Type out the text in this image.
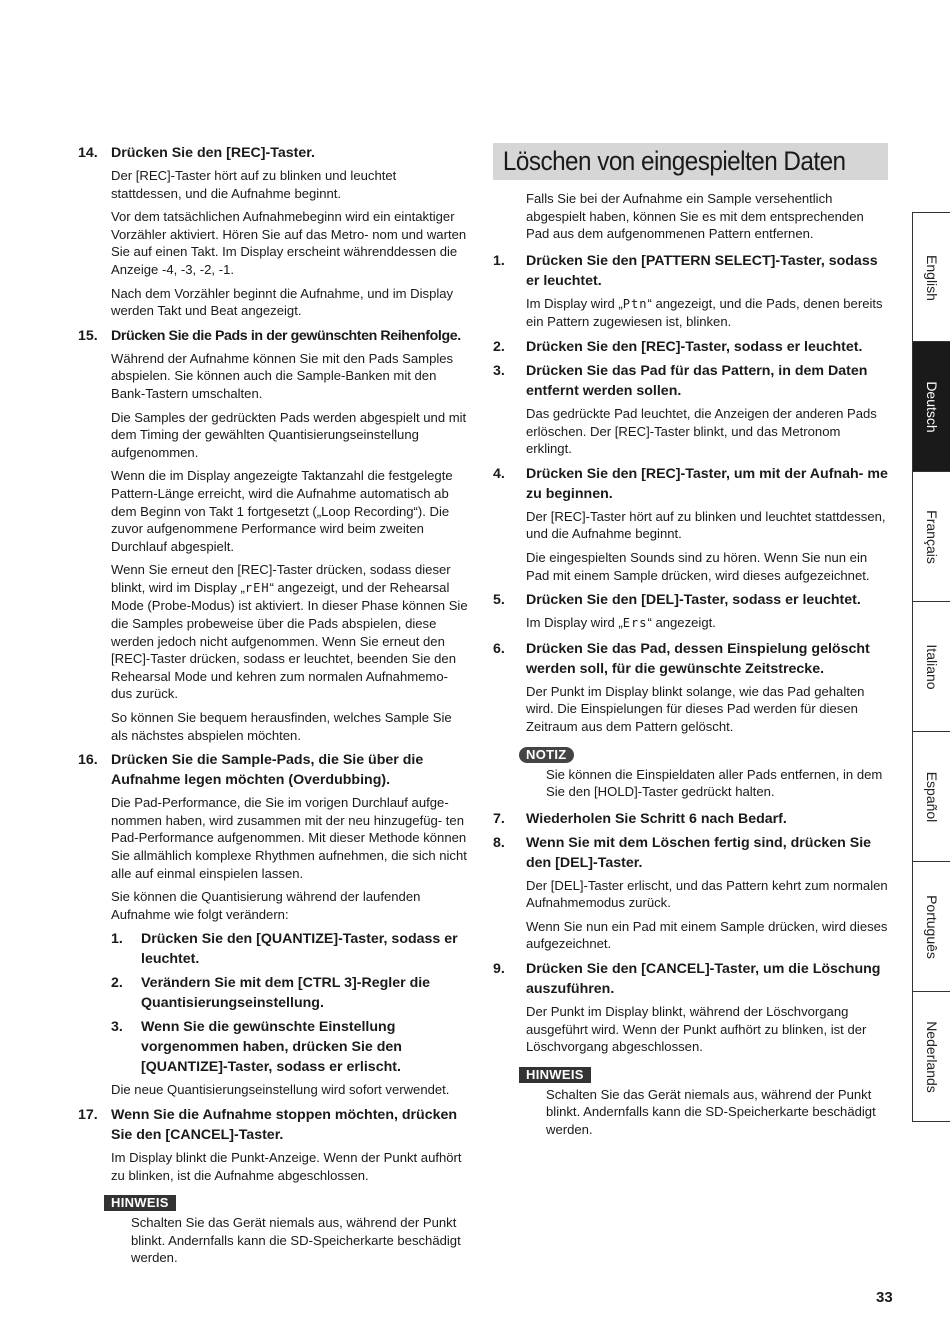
14. Drücken Sie den [REC]-Taster.

Der [REC]-Taster hört auf zu blinken und leuchtet stattdessen, und die Aufnahme beginnt.

Vor dem tatsächlichen Aufnahmebeginn wird ein eintaktiger Vorzähler aktiviert. Hören Sie auf das Metro- nom und warten Sie auf einen Takt. Im Display erscheint währenddessen die Anzeige -4, -3, -2, -1.

Nach dem Vorzähler beginnt die Aufnahme, und im Display werden Takt und Beat angezeigt.

15. Drücken Sie die Pads in der gewünschten Reihenfolge.

Während der Aufnahme können Sie mit den Pads Samples abspielen. Sie können auch die Sample-Banken mit den Bank-Tastern umschalten.

Die Samples der gedrückten Pads werden abgespielt und mit dem Timing der gewählten Quantisierungseinstellung aufgenommen.

Wenn die im Display angezeigte Taktanzahl die festgelegte Pattern-Länge erreicht, wird die Aufnahme automatisch ab dem Beginn von Takt 1 fortgesetzt („Loop Recording“). Die zuvor aufgenommene Performance wird beim zweiten Durchlauf abgespielt.

Wenn Sie erneut den [REC]-Taster drücken, sodass dieser blinkt, wird im Display „rEH“ angezeigt, und der Rehearsal Mode (Probe-Modus) ist aktiviert. In dieser Phase können Sie die Samples probeweise über die Pads abspielen, diese werden jedoch nicht aufgenommen. Wenn Sie erneut den [REC]-Taster drücken, sodass er leuchtet, beenden Sie den Rehearsal Mode und kehren zum normalen Aufnahmemo- dus zurück.

So können Sie bequem herausfinden, welches Sample Sie als nächstes abspielen möchten.

16. Drücken Sie die Sample-Pads, die Sie über die Aufnahme legen möchten (Overdubbing).

Die Pad-Performance, die Sie im vorigen Durchlauf aufge- nommen haben, wird zusammen mit der neu hinzugefüg- ten Pad-Performance aufgenommen. Mit dieser Methode können Sie allmählich komplexe Rhythmen aufnehmen, die sich nicht alle auf einmal einspielen lassen.

Sie können die Quantisierung während der laufenden Aufnahme wie folgt verändern:

1.	Drücken Sie den [QUANTIZE]-Taster, sodass er leuchtet.
2.	Verändern Sie mit dem [CTRL 3]-Regler die Quantisierungseinstellung.
3.	Wenn Sie die gewünschte Einstellung vorgenommen haben, drücken Sie den [QUANTIZE]-Taster, sodass er erlischt.

Die neue Quantisierungseinstellung wird sofort verwendet.

17. Wenn Sie die Aufnahme stoppen möchten, drücken Sie den [CANCEL]-Taster.

Im Display blinkt die Punkt-Anzeige. Wenn der Punkt aufhört zu blinken, ist die Aufnahme abgeschlossen.

HINWEIS

Schalten Sie das Gerät niemals aus, während der Punkt blinkt. Andernfalls kann die SD-Speicherkarte beschädigt werden.

Löschen von eingespielten Daten

Falls Sie bei der Aufnahme ein Sample versehentlich abgespielt haben, können Sie es mit dem entsprechenden Pad aus dem aufgenommenen Pattern entfernen.

1.	Drücken Sie den [PATTERN SELECT]-Taster, sodass er leuchtet.

Im Display wird „Ptn“ angezeigt, und die Pads, denen bereits ein Pattern zugewiesen ist, blinken.

2.	Drücken Sie den [REC]-Taster, sodass er leuchtet.
3.	Drücken Sie das Pad für das Pattern, in dem Daten entfernt werden sollen.

Das gedrückte Pad leuchtet, die Anzeigen der anderen Pads erlöschen. Der [REC]-Taster blinkt, und das Metronom erklingt.

4.	Drücken Sie den [REC]-Taster, um mit der Aufnah- me zu beginnen.

Der [REC]-Taster hört auf zu blinken und leuchtet stattdessen, und die Aufnahme beginnt.

Die eingespielten Sounds sind zu hören. Wenn Sie nun ein Pad mit einem Sample drücken, wird dieses aufgezeichnet.

5.	Drücken Sie den [DEL]-Taster, sodass er leuchtet.

Im Display wird „Ers“ angezeigt.

6.	Drücken Sie das Pad, dessen Einspielung gelöscht werden soll, für die gewünschte Zeitstrecke.

Der Punkt im Display blinkt solange, wie das Pad gehalten wird. Die Einspielungen für dieses Pad werden für diesen Zeitraum aus dem Pattern gelöscht.

NOTIZ

Sie können die Einspieldaten aller Pads entfernen, in dem Sie den [HOLD]-Taster gedrückt halten.

7.	Wiederholen Sie Schritt 6 nach Bedarf.
8.	Wenn Sie mit dem Löschen fertig sind, drücken Sie den [DEL]-Taster.

Der [DEL]-Taster erlischt, und das Pattern kehrt zum normalen Aufnahmemodus zurück.

Wenn Sie nun ein Pad mit einem Sample drücken, wird dieses aufgezeichnet.

9.	Drücken Sie den [CANCEL]-Taster, um die Löschung auszuführen.

Der Punkt im Display blinkt, während der Löschvorgang ausgeführt wird. Wenn der Punkt aufhört zu blinken, ist der Löschvorgang abgeschlossen.

HINWEIS

Schalten Sie das Gerät niemals aus, während der Punkt blinkt. Andernfalls kann die SD-Speicherkarte beschädigt werden.

English
Deutsch
Français
Italiano
Español
Português
Nederlands
33
